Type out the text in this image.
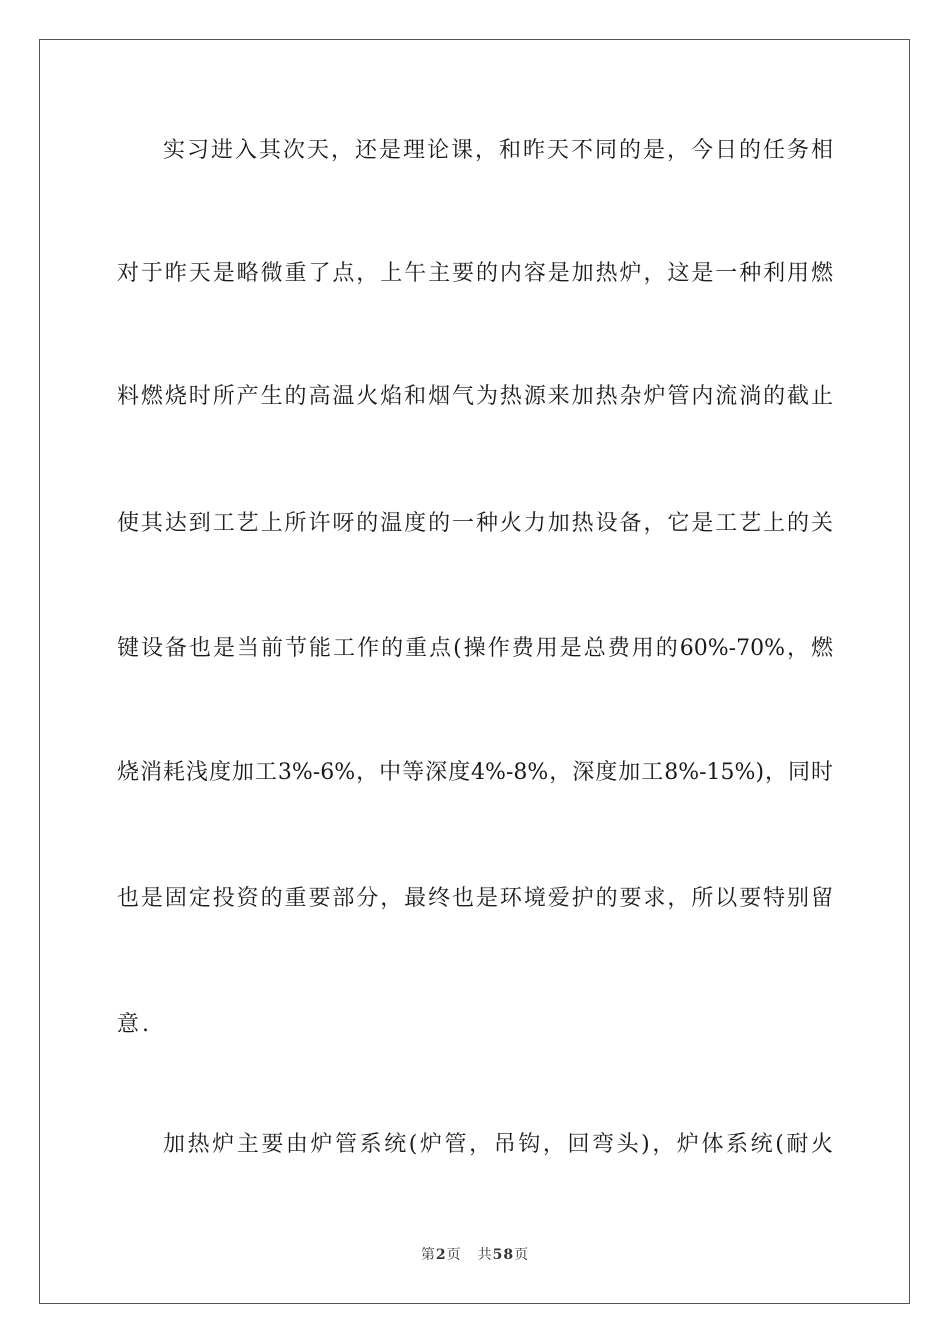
实习进入其次天，还是理论课，和昨天不同的是，今日的任务相
对于昨天是略微重了点，上午主要的内容是加热炉，这是一种利用燃
料燃烧时所产生的高温火焰和烟气为热源来加热杂炉管内流淌的截止
使其达到工艺上所许呀的温度的一种火力加热设备，它是工艺上的关
键设备也是当前节能工作的重点(操作费用是总费用的60%-70%，燃
烧消耗浅度加工3%-6%，中等深度4%-8%，深度加工8%-15%)，同时
也是固定投资的重要部分，最终也是环境爱护的要求，所以要特别留
意.
加热炉主要由炉管系统(炉管，吊钩，回弯头)，炉体系统(耐火
第2页 共58页
